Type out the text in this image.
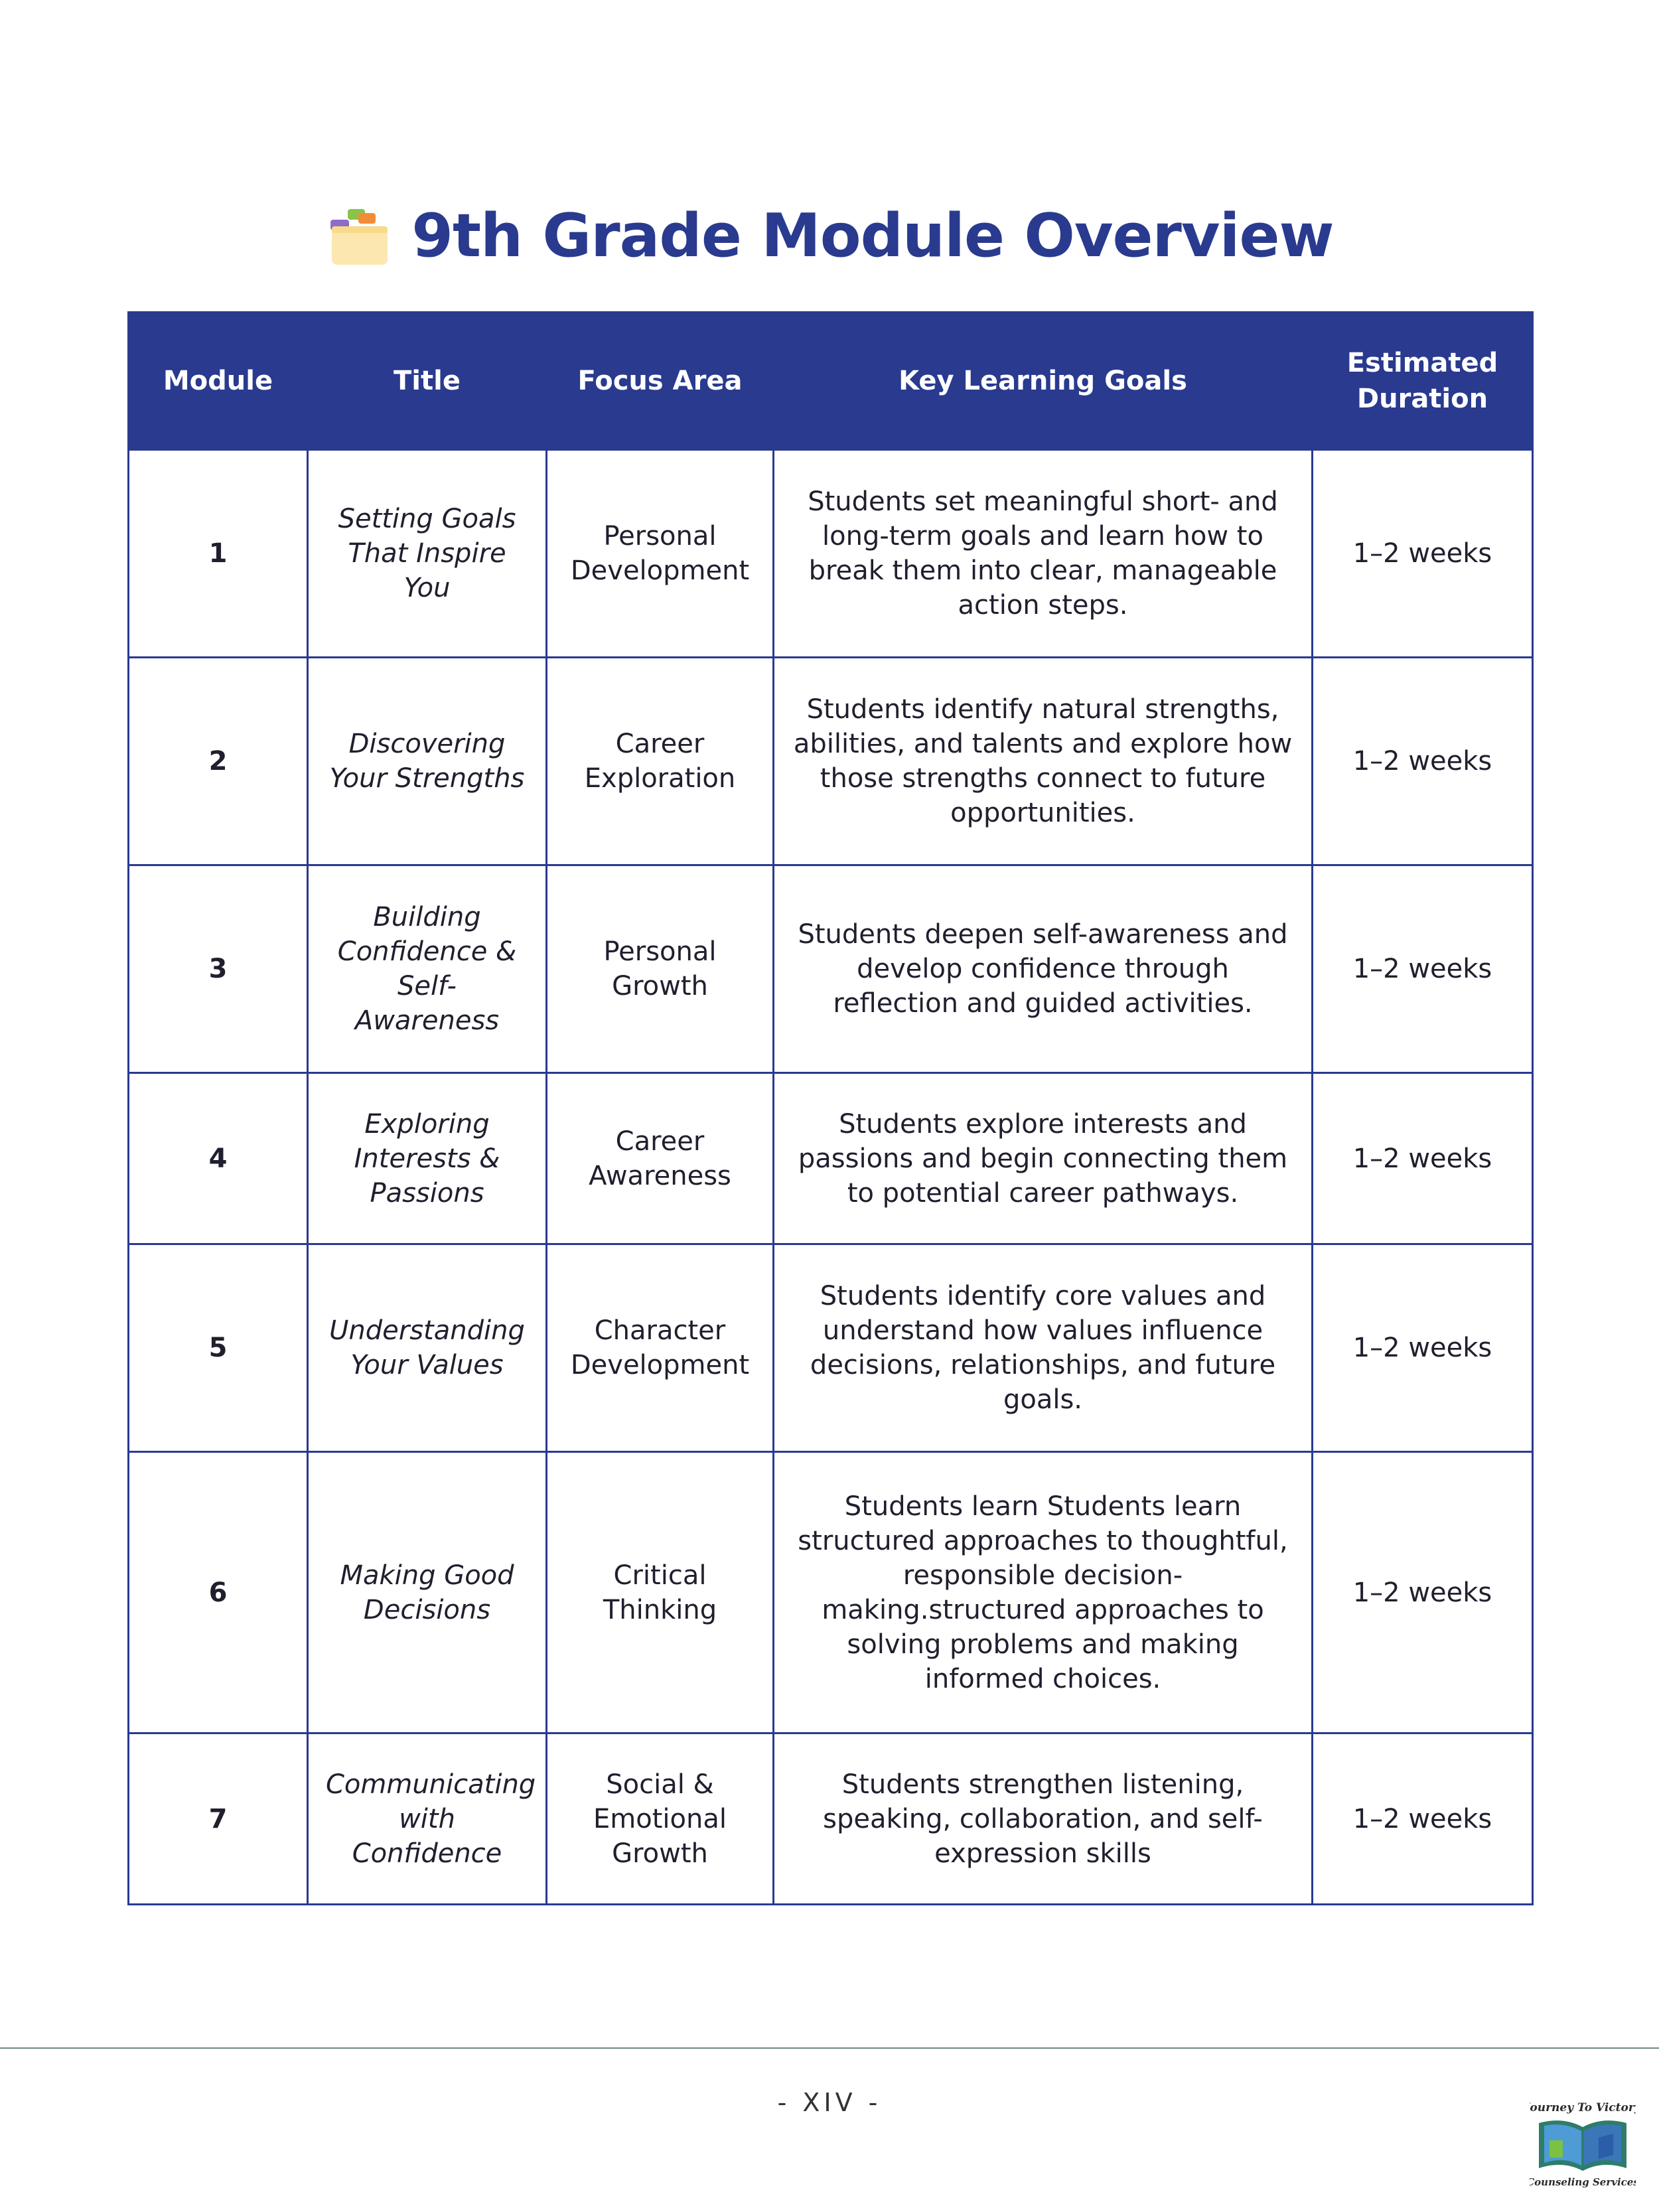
9th Grade Module Overview
Module	Title	Focus Area	Key Learning Goals	Estimated Duration
1	Setting Goals That Inspire You	Personal Development	Students set meaningful short- and long-term goals and learn how to break them into clear, manageable action steps.	1–2 weeks
2	Discovering Your Strengths	Career Exploration	Students identify natural strengths, abilities, and talents and explore how those strengths connect to future opportunities.	1–2 weeks
3	Building Confidence & Self-Awareness	Personal Growth	Students deepen self-awareness and develop confidence through reflection and guided activities.	1–2 weeks
4	Exploring Interests & Passions	Career Awareness	Students explore interests and passions and begin connecting them to potential career pathways.	1–2 weeks
5	Understanding Your Values	Character Development	Students identify core values and understand how values influence decisions, relationships, and future goals.	1–2 weeks
6	Making Good Decisions	Critical Thinking	Students learn Students learn structured approaches to thoughtful, responsible decision-making.structured approaches to solving problems and making informed choices.	1–2 weeks
7	Communicating with Confidence	Social & Emotional Growth	Students strengthen listening, speaking, collaboration, and self-expression skills	1–2 weeks
- XIV -	Journey To Victory
Counseling Services
